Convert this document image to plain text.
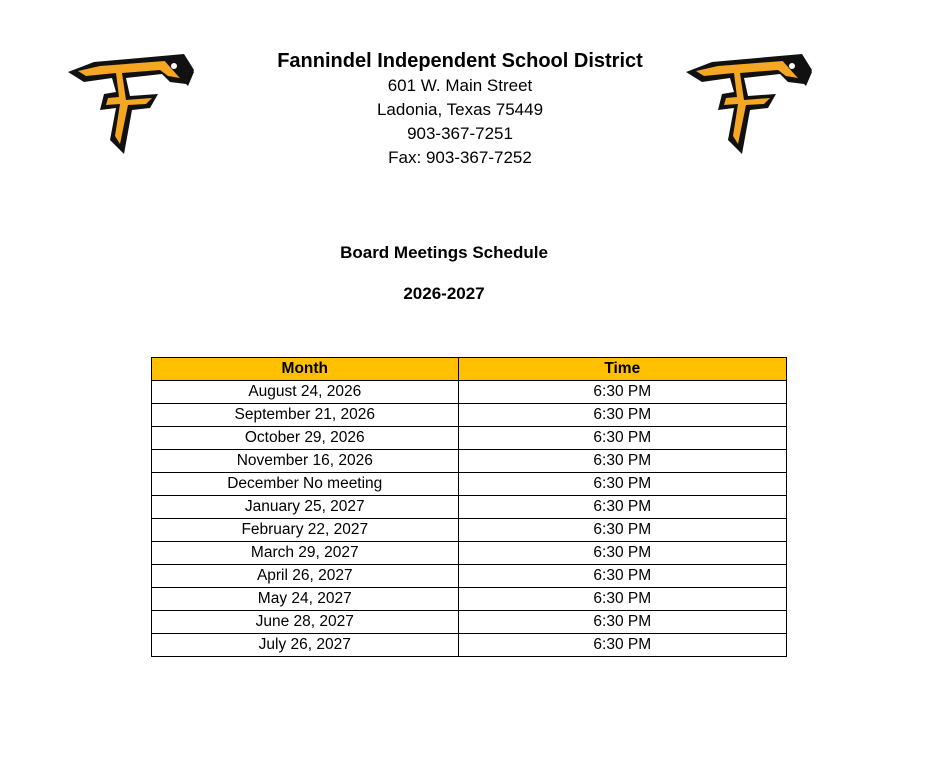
Fannindel Independent School District
601 W. Main Street
Ladonia, Texas 75449
903-367-7251
Fax: 903-367-7252
Board Meetings Schedule
2026-2027
Month	Time
August 24, 2026	6:30 PM
September 21, 2026	6:30 PM
October 29, 2026	6:30 PM
November 16, 2026	6:30 PM
December No meeting	6:30 PM
January 25, 2027	6:30 PM
February 22, 2027	6:30 PM
March 29, 2027	6:30 PM
April 26, 2027	6:30 PM
May 24, 2027	6:30 PM
June 28, 2027	6:30 PM
July 26, 2027	6:30 PM
